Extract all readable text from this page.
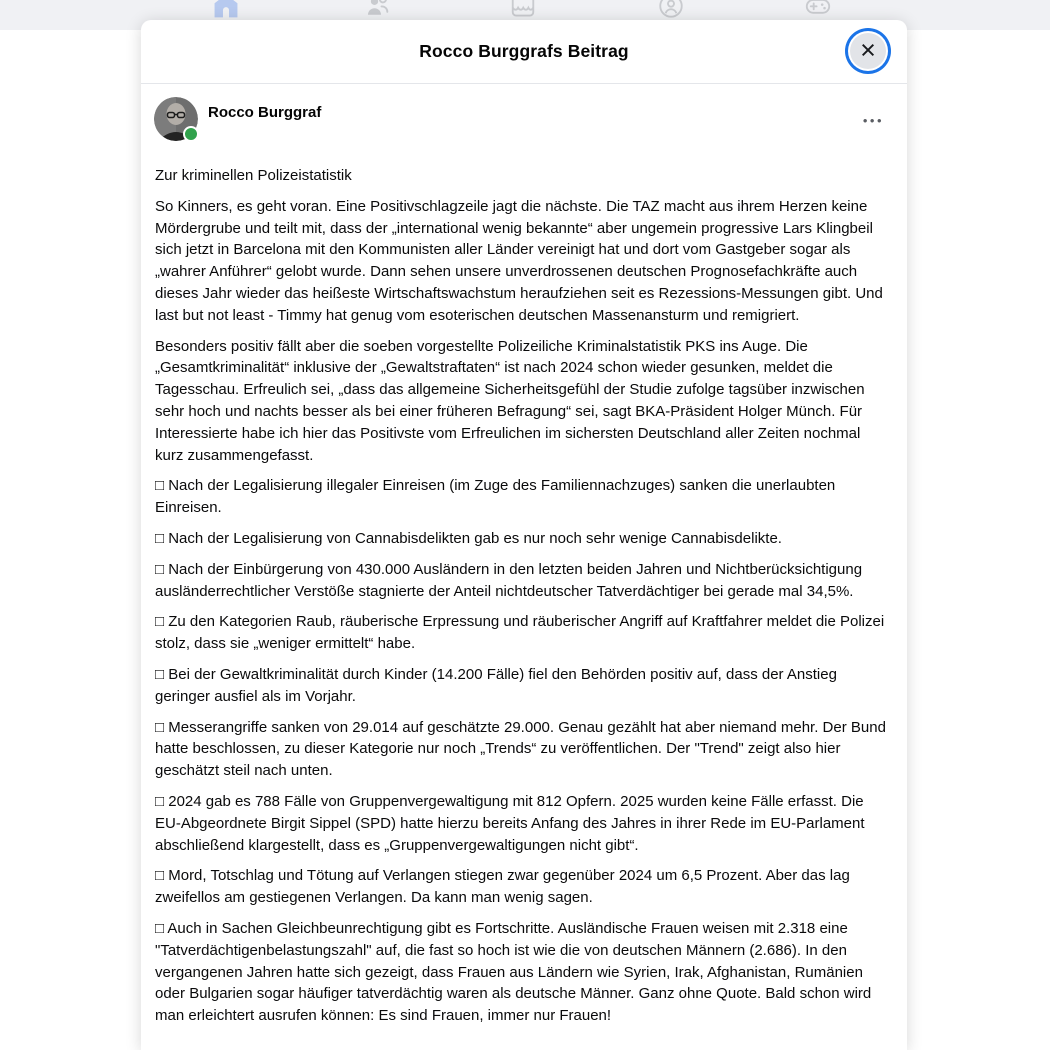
Rocco Burggrafs Beitrag	×
Rocco Burggraf	•••

Zur kriminellen Polizeistatistik

So Kinners, es geht voran. Eine Positivschlagzeile jagt die nächste. Die TAZ macht aus ihrem Herzen keine Mördergrube und teilt mit, dass der „international wenig bekannte“ aber ungemein progressive Lars Klingbeil sich jetzt in Barcelona mit den Kommunisten aller Länder vereinigt hat und dort vom Gastgeber sogar als „wahrer Anführer“ gelobt wurde. Dann sehen unsere unverdrossenen deutschen Prognosefachkräfte auch dieses Jahr wieder das heißeste Wirtschaftswachstum heraufziehen seit es Rezessions-Messungen gibt. Und last but not least - Timmy hat genug vom esoterischen deutschen Massenansturm und remigriert.

Besonders positiv fällt aber die soeben vorgestellte Polizeiliche Kriminalstatistik PKS ins Auge. Die „Gesamtkriminalität“ inklusive der „Gewaltstraftaten“ ist nach 2024 schon wieder gesunken, meldet die Tagesschau. Erfreulich sei, „dass das allgemeine Sicherheitsgefühl der Studie zufolge tagsüber inzwischen sehr hoch und nachts besser als bei einer früheren Befragung“ sei, sagt BKA-Präsident Holger Münch. Für Interessierte habe ich hier das Positivste vom Erfreulichen im sichersten Deutschland aller Zeiten nochmal kurz zusammengefasst.

□ Nach der Legalisierung illegaler Einreisen (im Zuge des Familiennachzuges) sanken die unerlaubten Einreisen.

□ Nach der Legalisierung von Cannabisdelikten gab es nur noch sehr wenige Cannabisdelikte.

□ Nach der Einbürgerung von 430.000 Ausländern in den letzten beiden Jahren und Nichtberücksichtigung ausländerrechtlicher Verstöße stagnierte der Anteil nichtdeutscher Tatverdächtiger bei gerade mal 34,5%.

□ Zu den Kategorien Raub, räuberische Erpressung und räuberischer Angriff auf Kraftfahrer meldet die Polizei stolz, dass sie „weniger ermittelt“ habe.

□ Bei der Gewaltkriminalität durch Kinder (14.200 Fälle) fiel den Behörden positiv auf, dass der Anstieg geringer ausfiel als im Vorjahr.

□ Messerangriffe sanken von 29.014 auf geschätzte 29.000. Genau gezählt hat aber niemand mehr. Der Bund hatte beschlossen, zu dieser Kategorie nur noch „Trends“ zu veröffentlichen. Der "Trend" zeigt also hier geschätzt steil nach unten.

□ 2024 gab es 788 Fälle von Gruppenvergewaltigung mit 812 Opfern. 2025 wurden keine Fälle erfasst. Die EU-Abgeordnete Birgit Sippel (SPD) hatte hierzu bereits Anfang des Jahres in ihrer Rede im EU-Parlament abschließend klargestellt, dass es „Gruppenvergewaltigungen nicht gibt“.

□ Mord, Totschlag und Tötung auf Verlangen stiegen zwar gegenüber 2024 um 6,5 Prozent. Aber das lag zweifellos am gestiegenen Verlangen. Da kann man wenig sagen.

□ Auch in Sachen Gleichbeunrechtigung gibt es Fortschritte. Ausländische Frauen weisen mit 2.318 eine "Tatverdächtigenbelastungszahl" auf, die fast so hoch ist wie die von deutschen Männern (2.686). In den vergangenen Jahren hatte sich gezeigt, dass Frauen aus Ländern wie Syrien, Irak, Afghanistan, Rumänien oder Bulgarien sogar häufiger tatverdächtig waren als deutsche Männer. Ganz ohne Quote. Bald schon wird man erleichtert ausrufen können: Es sind Frauen, immer nur Frauen!
